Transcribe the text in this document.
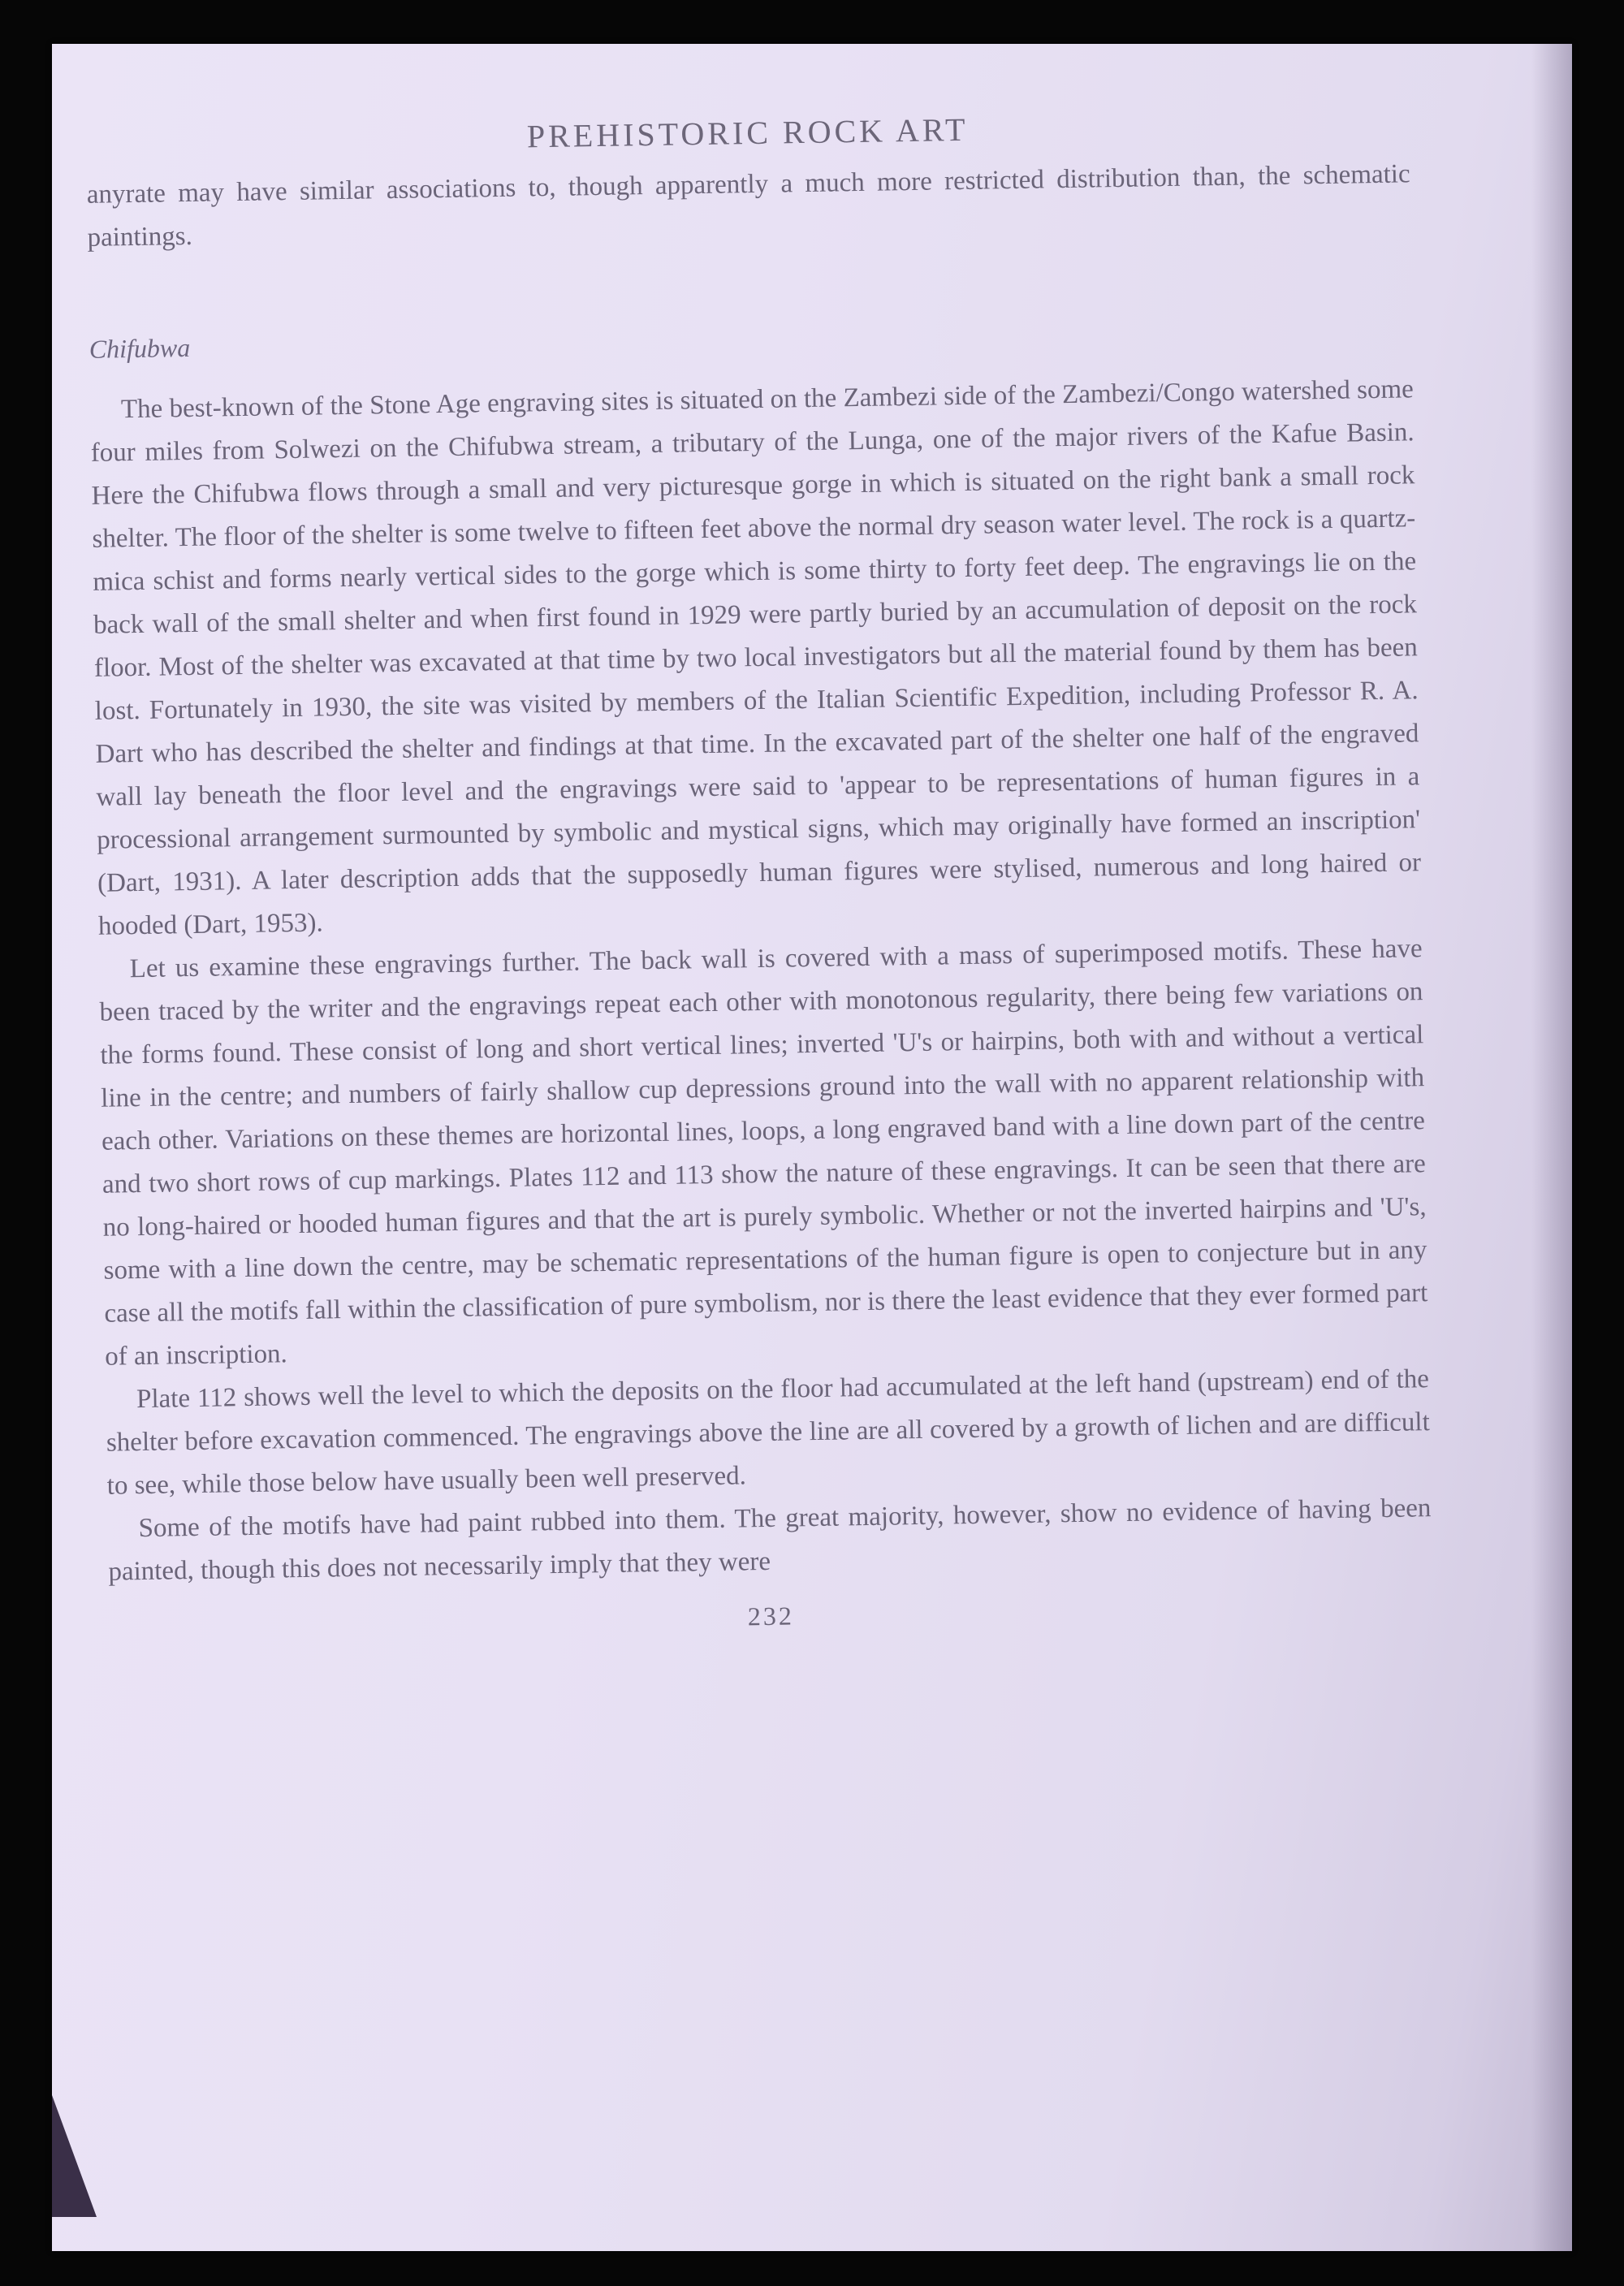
PREHISTORIC ROCK ART

anyrate may have similar associations to, though apparently a much more restricted distribution than, the schematic paintings.

Chifubwa

The best-known of the Stone Age engraving sites is situated on the Zambezi side of the Zambezi/Congo watershed some four miles from Solwezi on the Chifubwa stream, a tributary of the Lunga, one of the major rivers of the Kafue Basin. Here the Chifubwa flows through a small and very picturesque gorge in which is situated on the right bank a small rock shelter. The floor of the shelter is some twelve to fifteen feet above the normal dry season water level. The rock is a quartz-mica schist and forms nearly vertical sides to the gorge which is some thirty to forty feet deep. The engravings lie on the back wall of the small shelter and when first found in 1929 were partly buried by an accumulation of deposit on the rock floor. Most of the shelter was excavated at that time by two local investigators but all the material found by them has been lost. Fortunately in 1930, the site was visited by members of the Italian Scientific Expedition, including Professor R. A. Dart who has described the shelter and findings at that time. In the excavated part of the shelter one half of the engraved wall lay beneath the floor level and the engravings were said to 'appear to be representations of human figures in a processional arrangement surmounted by symbolic and mystical signs, which may originally have formed an inscription' (Dart, 1931). A later description adds that the supposedly human figures were stylised, numerous and long haired or hooded (Dart, 1953).

Let us examine these engravings further. The back wall is covered with a mass of superimposed motifs. These have been traced by the writer and the engravings repeat each other with monotonous regularity, there being few variations on the forms found. These consist of long and short vertical lines; inverted 'U's or hairpins, both with and without a vertical line in the centre; and numbers of fairly shallow cup depressions ground into the wall with no apparent relationship with each other. Variations on these themes are horizontal lines, loops, a long engraved band with a line down part of the centre and two short rows of cup markings. Plates 112 and 113 show the nature of these engravings. It can be seen that there are no long-haired or hooded human figures and that the art is purely symbolic. Whether or not the inverted hairpins and 'U's, some with a line down the centre, may be schematic representations of the human figure is open to conjecture but in any case all the motifs fall within the classification of pure symbolism, nor is there the least evidence that they ever formed part of an inscription.

Plate 112 shows well the level to which the deposits on the floor had accumulated at the left hand (upstream) end of the shelter before excavation commenced. The engravings above the line are all covered by a growth of lichen and are difficult to see, while those below have usually been well preserved.

Some of the motifs have had paint rubbed into them. The great majority, however, show no evidence of having been painted, though this does not necessarily imply that they were

232
